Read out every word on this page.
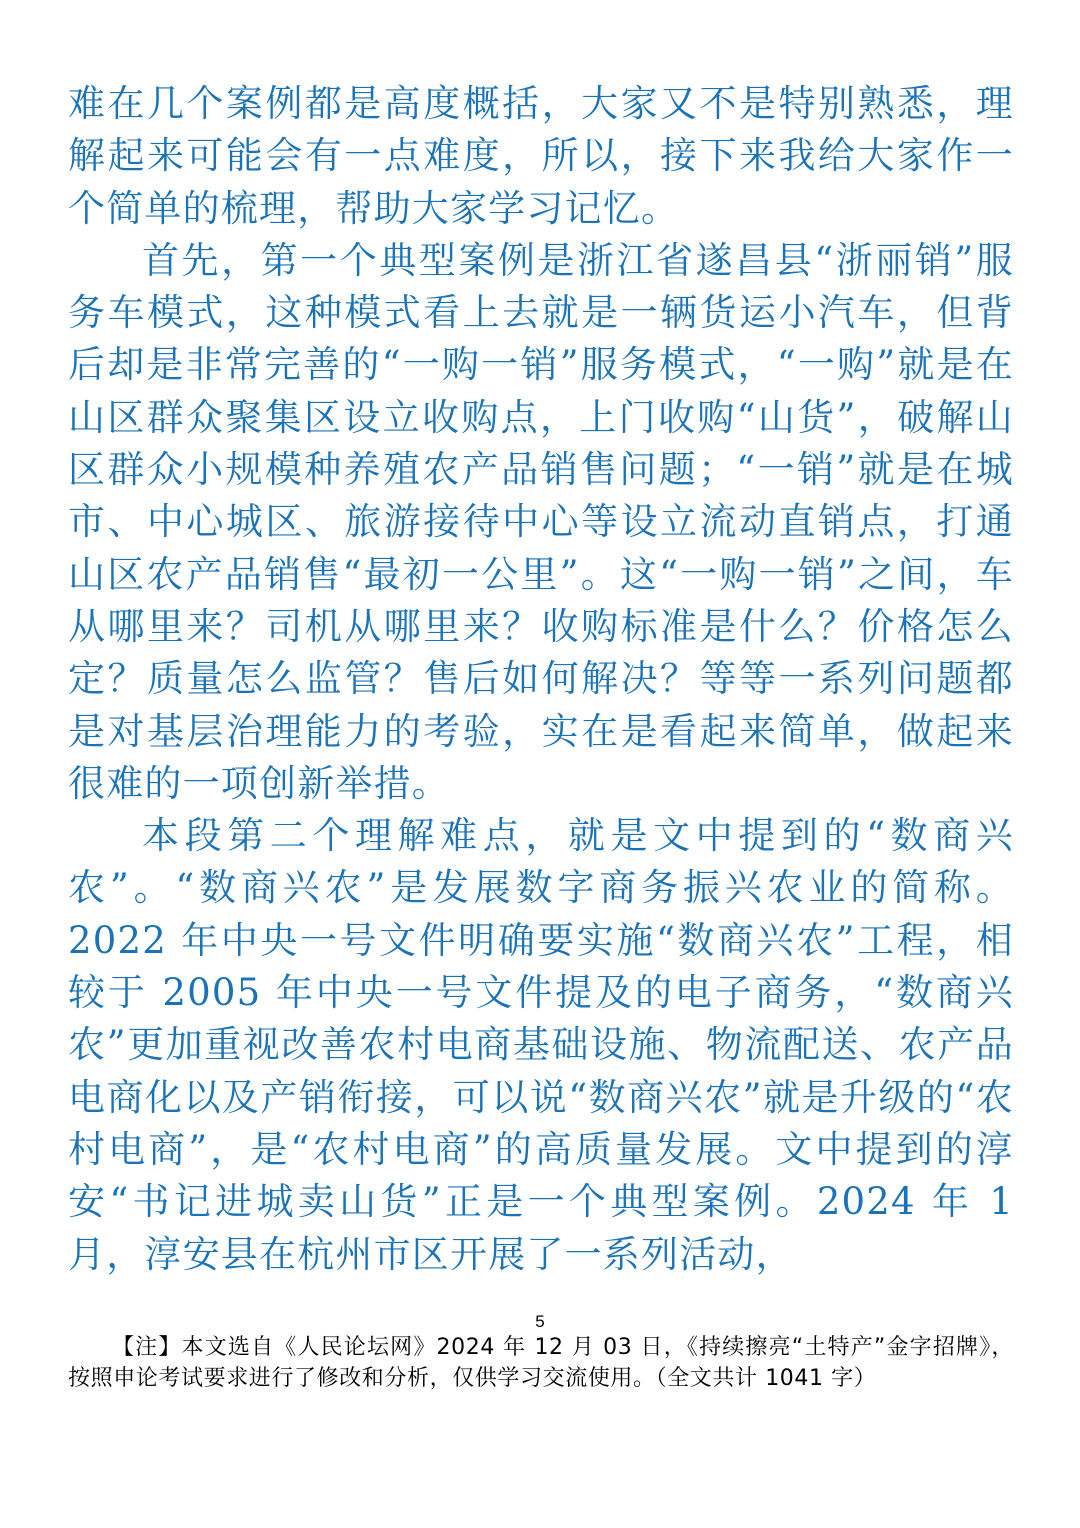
难在几个案例都是高度概括，大家又不是特别熟悉，理解起来可能会有一点难度，所以，接下来我给大家作一个简单的梳理，帮助大家学习记忆。

首先，第一个典型案例是浙江省遂昌县“浙丽销”服务车模式，这种模式看上去就是一辆货运小汽车，但背后却是非常完善的“一购一销”服务模式，“一购”就是在山区群众聚集区设立收购点，上门收购“山货”，破解山区群众小规模种养殖农产品销售问题；“一销”就是在城市、中心城区、旅游接待中心等设立流动直销点，打通山区农产品销售“最初一公里”。这“一购一销”之间，车从哪里来？司机从哪里来？收购标准是什么？价格怎么定？质量怎么监管？售后如何解决？等等一系列问题都是对基层治理能力的考验，实在是看起来简单，做起来很难的一项创新举措。

本段第二个理解难点，就是文中提到的“数商兴农”。“数商兴农”是发展数字商务振兴农业的简称。2022 年中央一号文件明确要实施“数商兴农”工程，相较于 2005 年中央一号文件提及的电子商务，“数商兴农”更加重视改善农村电商基础设施、物流配送、农产品电商化以及产销衔接，可以说“数商兴农”就是升级的“农村电商”，是“农村电商”的高质量发展。文中提到的淳安“书记进城卖山货”正是一个典型案例。2024 年 1 月，淳安县在杭州市区开展了一系列活动，

5
【注】本文选自《人民论坛网》2024 年 12 月 03 日，《持续擦亮“土特产”金字招牌》，按照申论考试要求进行了修改和分析，仅供学习交流使用。（全文共计 1041 字）
